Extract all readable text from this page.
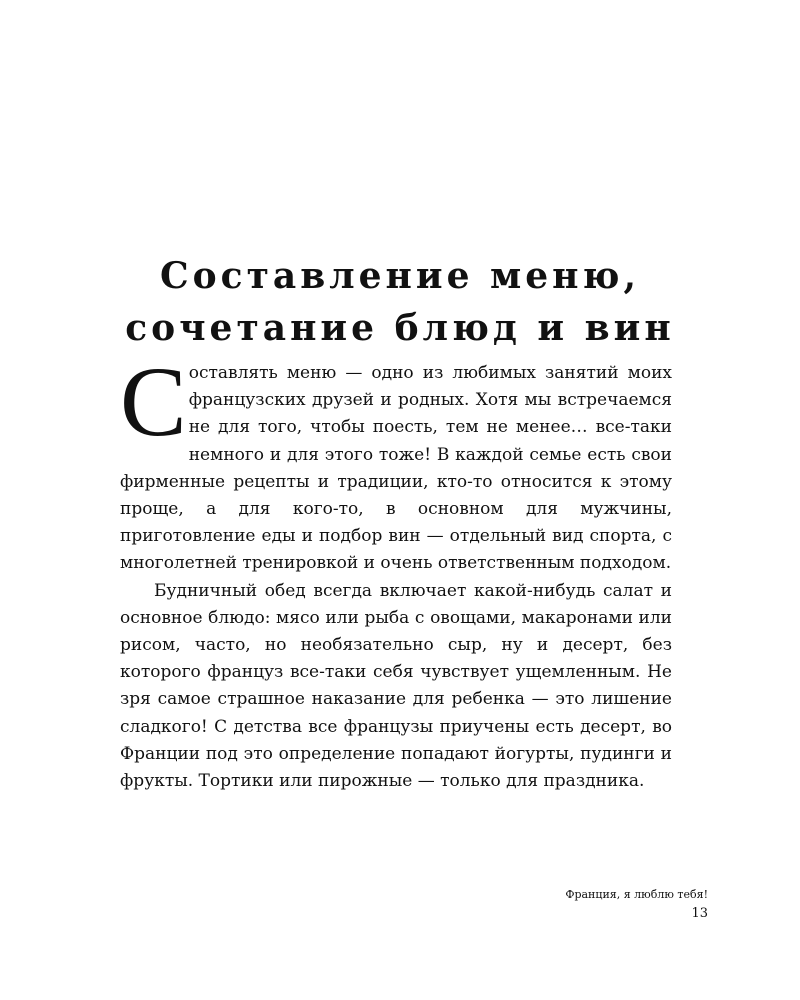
Составление меню,
сочетание блюд и вин

Составлять меню — одно из любимых занятий моих французских друзей и родных. Хотя мы встречаемся не для того, чтобы поесть, тем не менее… все-таки немного и для этого тоже! В каждой семье есть свои фирменные рецепты и традиции, кто-то относится к этому проще, а для кого-то, в основном для мужчины, приготовление еды и подбор вин — отдельный вид спорта, с многолетней тренировкой и очень ответственным подходом.

Будничный обед всегда включает какой-нибудь салат и основное блюдо: мясо или рыба с овощами, макаронами или рисом, часто, но необязательно сыр, ну и десерт, без которого француз все-таки себя чувствует ущемленным. Не зря самое страшное наказание для ребенка — это лишение сладкого! С детства все французы приучены есть десерт, во Франции под это определение попадают йогурты, пудинги и фрукты. Тортики или пирожные — только для праздника.

Франция, я люблю тебя!

13
